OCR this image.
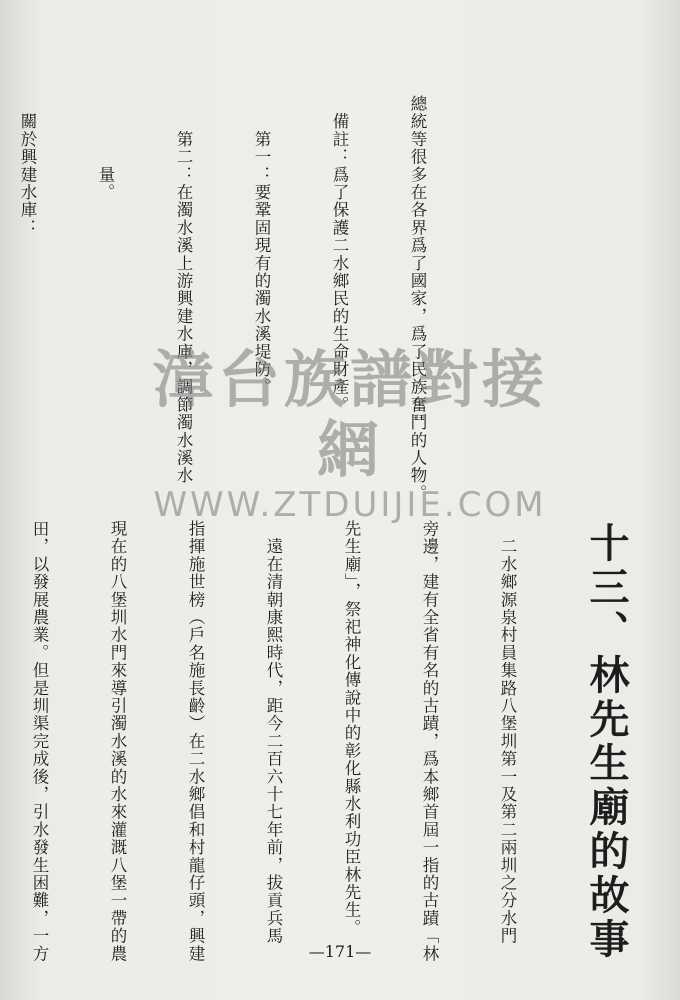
總統等很多在各界爲了國家，爲了民族奮鬥的人物。

　備註：爲了保護二水鄉民的生命財產。

　　第一：要鞏固現有的濁水溪堤防。

　　第二：在濁水溪上游興建水庫，調節濁水溪水

　　　　量。

　關於興建水庫：

十三、林先生廟的故事

　二水鄉源泉村員集路八堡圳第一及第二兩圳之分水門

旁邊，建有全省有名的古蹟，爲本鄉首屆一指的古蹟「林

先生廟」，祭祀神化傳說中的彰化縣水利功臣林先生。

　遠在清朝康熙時代，距今二百六十七年前，拔貢兵馬

指揮施世榜（戶名施長齡）在二水鄉倡和村龍仔頭，興建

現在的八堡圳水門來導引濁水溪的水來灌溉八堡一帶的農

田，以發展農業。但是圳渠完成後，引水發生困難，一方

漳台族譜對接網
WWW.ZTDUIJIE.COM
—171—
